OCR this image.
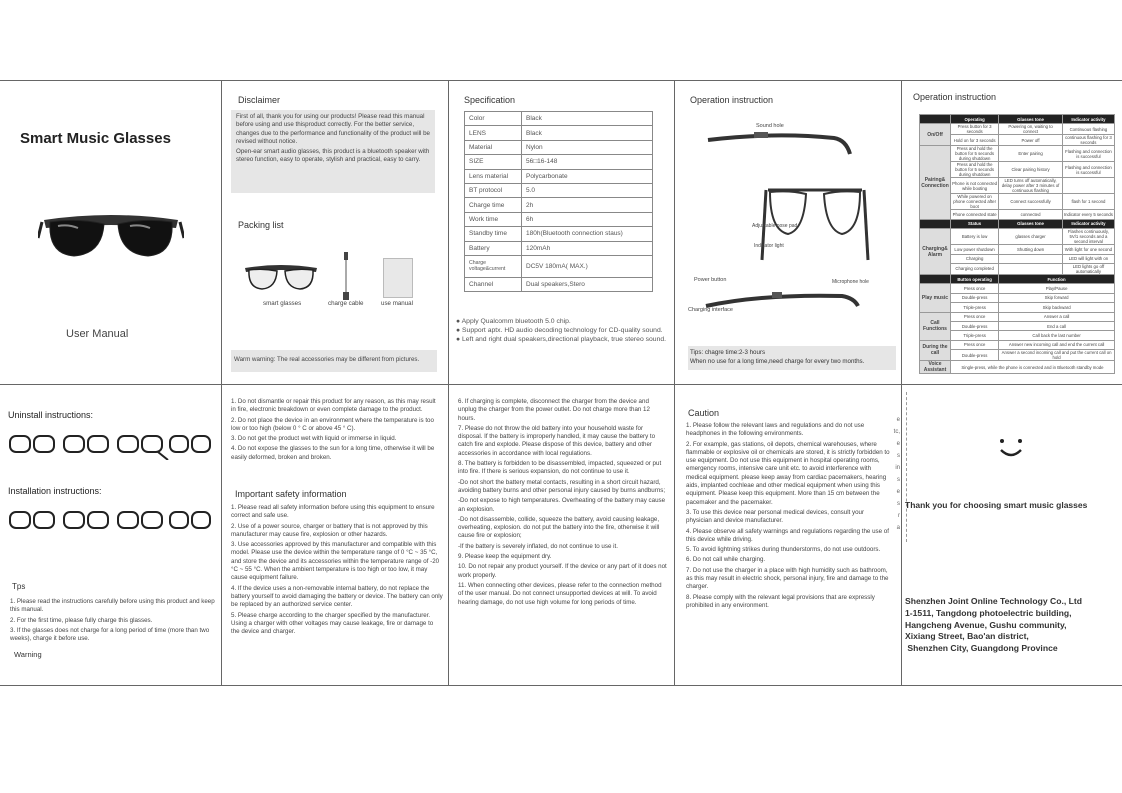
Smart Music Glasses
User Manual
Disclaimer

First of all, thank you for using our products! Please read this manual before using and use thisproduct correctly. For the better service, changes due to the performance and functionality of the product will be revised without notice.

Open-ear smart audio glasses, this product is a bluetooth speaker with stereo function, easy to operate, stylish and practical, easy to carry.

Packing list
smart glasses	charge cable	use manual
Warm warning: The real accessories may be different from pictures.
Specification
Color	Black
LENS	Black
Material	Nylon
SIZE	56□16-148
Lens material	Polycarbonate
BT protocol	5.0
Charge time	2h
Work time	6h
Standby time	180h(Bluetooth connection staus)
Battery	120mAh
Charge voltage&current	DC5V 180mA( MAX.)
Channel	Dual speakers,Stero
● Apply Qualcomm bluetooth 5.0 chip.
● Support aptx. HD audio decoding technology for CD-quality sound.
● Left and right dual speakers,directional playback, true stereo sound.
Operation instruction
Sound hole
Adjustable nose pad
Indicator light
Power button	Microphone hole
Charging interface
Tips: chagre time:2-3 hours
When no use for a long time,need charge for every two months.
Operation instruction
	Operating	Glasses tone	Indicator activity
On/Off	Press button for 3 seconds	Powering on, waiting to connect	Continuous flashing
	Hold on for 3 seconds	Power off	continuous flashing for 3 seconds
Pairing& Connection	Press and hold the button for 5 seconds during shutdown	Enter pairing	Flashing and connection is successful
	Press and hold the button for 5 seconds during shutdown	Clear pairing history	Flashing and connection is successful
	Phone is not connected while booting	LED turns off automatically, delay power after 3 minutes of continuous flashing	
	While powered on phone connected after boot	Connect successfully	flash for 1 second
	Phone connected state	connected	Indicator every 5 seconds
	Status	Glasses tone	Indicator activity
Charging& Alarm	Battery is low	glasses charger	Flashes continuously, 5V/1 seconds and a second interval
	Low power shutdown	Shutting down	With light for one second
	Charging		LED will light with on
	Charging completed		LED lights go off automatically
	Button operating	Function	
Play music	Press once	Play/Pause	
	Double-press	Skip forward	
	Triple-press	Skip backward	
Call Functions	Press once	Answer a call	
	Double-press	End a call	
	Triple-press	Call back the last number	
During the call	Press once	Answer new incoming call and end the current call	
	Double-press	Answer a second incoming call and put the current call on hold	
Voice Assistant	Single-press, while the phone is connected and in Bluetooth standby mode		
Uninstall instructions:
Installation instructions:
Tps

1. Please read the instructions carefully before using this product and keep this manual.

2. For the first time, please fully charge this glasses.

3. If the glasses does not charge for a long period of time (more than two weeks), charge it before use.

Warning

1. Do not dismantle or repair this product for any reason, as this may result in fire, electronic breakdown or even complete damage to the product.

2. Do not place the device in an environment where the temperature is too low or too high (below 0 ° C or above 45 ° C).

3. Do not get the product wet with liquid or immerse in liquid.

4. Do not expose the glasses to the sun for a long time, otherwise it will be easily deformed, broken and broken.

Important safety information

1. Please read all safety information before using this equipment to ensure correct and safe use.

2. Use of a power source, charger or battery that is not approved by this manufacturer may cause fire, explosion or other hazards.

3. Use accessories approved by this manufacturer and compatible with this model. Please use the device within the temperature range of 0 °C ~ 35 °C, and store the device and its accessories within the temperature range of -20 °C ~ 55 °C. When the ambient temperature is too high or too low, it may cause equipment failure.

4. If the device uses a non-removable internal battery, do not replace the battery yourself to avoid damaging the battery or device. The battery can only be replaced by an authorized service center.

5. Please charge according to the charger specified by the manufacturer. Using a charger with other voltages may cause leakage, fire or damage to the device and charger.

6. If charging is complete, disconnect the charger from the device and unplug the charger from the power outlet. Do not charge more than 12 hours.

7. Please do not throw the old battery into your household waste for disposal. If the battery is improperly handled, it may cause the battery to catch fire and explode. Please dispose of this device, battery and other accessories in accordance with local regulations.

8. The battery is forbidden to be disassembled, impacted, squeezed or put into fire. If there is serious expansion, do not continue to use it.

-Do not short the battery metal contacts, resulting in a short circuit hazard, avoiding battery burns and other personal injury caused by burns andburns;

-Do not expose to high temperatures. Overheating of the battery may cause an explosion.

-Do not disassemble, collide, squeeze the battery, avoid causing leakage, overheating, explosion. do not put the battery into the fire, otherwise it will cause fire or explosion;

-If the battery is severely inflated, do not continue to use it.

9. Please keep the equipment dry.

10. Do not repair any product yourself. If the device or any part of it does not work properly.

11. When connecting other devices, please refer to the connection method of the user manual. Do not connect unsupported devices at will. To avoid hearing damage, do not use high volume for long periods of time.

Caution

1. Please follow the relevant laws and regulations and do not use headphones in the following environments.

2. For example, gas stations, oil depots, chemical warehouses, where flammable or explosive oil or chemicals are stored, it is strictly forbidden to use equipment. Do not use this equipment in hospital operating rooms, emergency rooms, intensive care unit etc. to avoid interference with medical equipment. please keep away from cardiac pacemakers, hearing aids, implanted cochleae and other medical equipment when using this equipment. Please keep this equipment. More than 15 cm between the pacemaker and the pacemaker.

3. To use this device near personal medical devices, consult your physician and device manufacturer.

4. Please observe all safety warnings and regulations regarding the use of this device while driving.

5. To avoid lightning strikes during thunderstorms, do not use outdoors.

6. Do not call while charging.

7. Do not use the charger in a place with high humidity such as bathroom, as this may result in electric shock, personal injury, fire and damage to the charger.

8. Please comply with the relevant legal provisions that are expressly prohibited in any environment.

e
tc,
e
s
in
s
e
s
r
a
Thank you for choosing smart music glasses
Shenzhen Joint Online Technology Co., Ltd
1-1511, Tangdong photoelectric building,
Hangcheng Avenue, Gushu community,
Xixiang Street, Bao'an district,
Shenzhen City, Guangdong Province
